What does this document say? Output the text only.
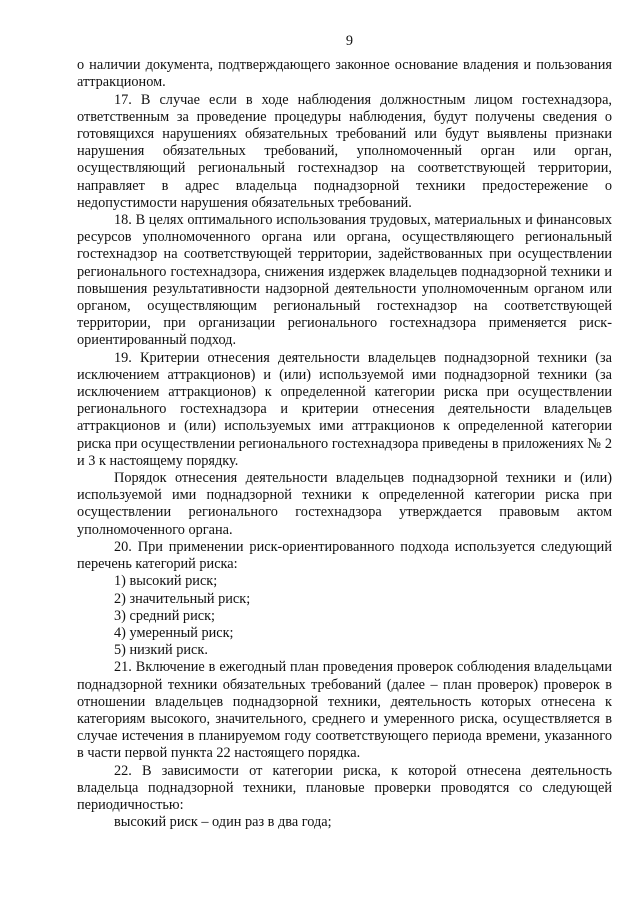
9

о наличии документа, подтверждающего законное основание владения и пользования аттракционом.

17. В случае если в ходе наблюдения должностным лицом гостехнадзора, ответственным за проведение процедуры наблюдения, будут получены сведения о готовящихся нарушениях обязательных требований или будут выявлены признаки нарушения обязательных требований, уполномоченный орган или орган, осуществляющий региональный гостехнадзор на соответствующей территории, направляет в адрес владельца поднадзорной техники предостережение о недопустимости нарушения обязательных требований.

18. В целях оптимального использования трудовых, материальных и финансовых ресурсов уполномоченного органа или органа, осуществляющего региональный гостехнадзор на соответствующей территории, задействованных при осуществлении регионального гостехнадзора, снижения издержек владельцев поднадзорной техники и повышения результативности надзорной деятельности уполномоченным органом или органом, осуществляющим региональный гостехнадзор на соответствующей территории, при организации регионального гостехнадзора применяется риск-ориентированный подход.

19. Критерии отнесения деятельности владельцев поднадзорной техники (за исключением аттракционов) и (или) используемой ими поднадзорной техники (за исключением аттракционов) к определенной категории риска при осуществлении регионального гостехнадзора и критерии отнесения деятельности владельцев аттракционов и (или) используемых ими аттракционов к определенной категории риска при осуществлении регионального гостехнадзора приведены в приложениях № 2 и 3 к настоящему порядку.

Порядок отнесения деятельности владельцев поднадзорной техники и (или) используемой ими поднадзорной техники к определенной категории риска при осуществлении регионального гостехнадзора утверждается правовым актом уполномоченного органа.

20. При применении риск-ориентированного подхода используется следующий перечень категорий риска:

1) высокий риск;
2) значительный риск;
3) средний риск;
4) умеренный риск;
5) низкий риск.

21. Включение в ежегодный план проведения проверок соблюдения владельцами поднадзорной техники обязательных требований (далее – план проверок) проверок в отношении владельцев поднадзорной техники, деятельность которых отнесена к категориям высокого, значительного, среднего и умеренного риска, осуществляется в случае истечения в планируемом году соответствующего периода времени, указанного в части первой пункта 22 настоящего порядка.

22. В зависимости от категории риска, к которой отнесена деятельность владельца поднадзорной техники, плановые проверки проводятся со следующей периодичностью:

высокий риск – один раз в два года;
